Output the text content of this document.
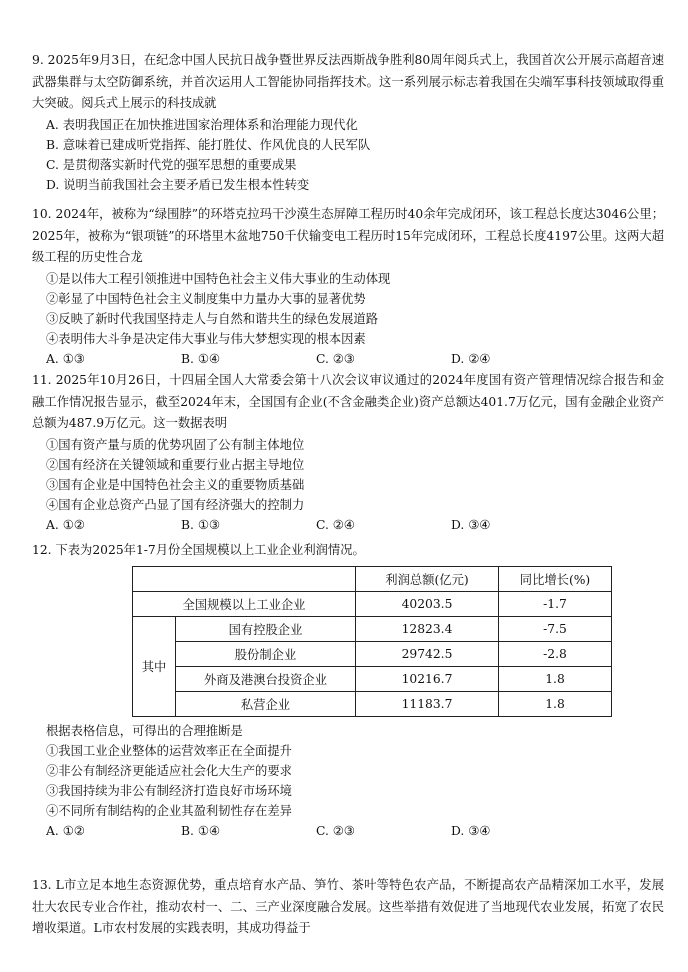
9. 2025年9月3日，在纪念中国人民抗日战争暨世界反法西斯战争胜利80周年阅兵式上，我国首次公开展示高超音速武器集群与太空防御系统，并首次运用人工智能协同指挥技术。这一系列展示标志着我国在尖端军事科技领域取得重大突破。阅兵式上展示的科技成就

A. 表明我国正在加快推进国家治理体系和治理能力现代化

B. 意味着已建成听党指挥、能打胜仗、作风优良的人民军队

C. 是贯彻落实新时代党的强军思想的重要成果

D. 说明当前我国社会主要矛盾已发生根本性转变

10. 2024年，被称为“绿围脖”的环塔克拉玛干沙漠生态屏障工程历时40余年完成闭环，该工程总长度达3046公里；2025年，被称为“银项链”的环塔里木盆地750千伏输变电工程历时15年完成闭环，工程总长度4197公里。这两大超级工程的历史性合龙

①是以伟大工程引领推进中国特色社会主义伟大事业的生动体现

②彰显了中国特色社会主义制度集中力量办大事的显著优势

③反映了新时代我国坚持走人与自然和谐共生的绿色发展道路

④表明伟大斗争是决定伟大事业与伟大梦想实现的根本因素

A. ①③	B. ①④	C. ②③	D. ②④

11. 2025年10月26日，十四届全国人大常委会第十八次会议审议通过的2024年度国有资产管理情况综合报告和金融工作情况报告显示，截至2024年末，全国国有企业(不含金融类企业)资产总额达401.7万亿元，国有金融企业资产总额为487.9万亿元。这一数据表明

①国有资产量与质的优势巩固了公有制主体地位

②国有经济在关键领域和重要行业占据主导地位

③国有企业是中国特色社会主义的重要物质基础

④国有企业总资产凸显了国有经济强大的控制力

A. ①②	B. ①③	C. ②④	D. ③④

12. 下表为2025年1-7月份全国规模以上工业企业利润情况。

		利润总额(亿元)	同比增长(%)
全国规模以上工业企业		40203.5	-1.7
其中	国有控股企业	12823.4	-7.5
	股份制企业	29742.5	-2.8
	外商及港澳台投资企业	10216.7	1.8
	私营企业	11183.7	1.8

根据表格信息，可得出的合理推断是

①我国工业企业整体的运营效率正在全面提升

②非公有制经济更能适应社会化大生产的要求

③我国持续为非公有制经济打造良好市场环境

④不同所有制结构的企业其盈利韧性存在差异

A. ①②	B. ①④	C. ②③	D. ③④

13. L市立足本地生态资源优势，重点培育水产品、笋竹、茶叶等特色农产品，不断提高农产品精深加工水平，发展壮大农民专业合作社，推动农村一、二、三产业深度融合发展。这些举措有效促进了当地现代农业发展，拓宽了农民增收渠道。L市农村发展的实践表明，其成功得益于
